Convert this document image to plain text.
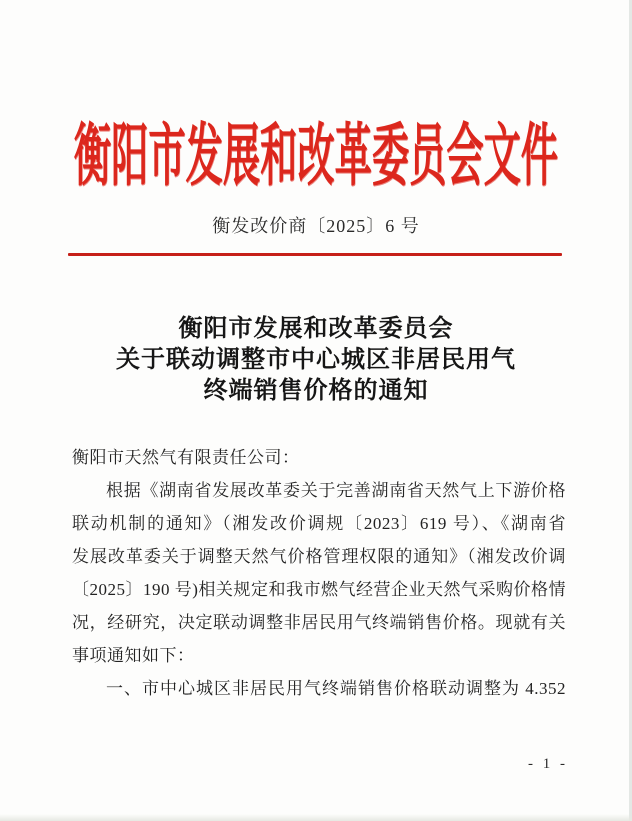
衡阳市发展和改革委员会文件
衡发改价商〔2025〕6 号
衡阳市发展和改革委员会
关于联动调整市中心城区非居民用气
终端销售价格的通知
衡阳市天然气有限责任公司：
根据《湖南省发展改革委关于完善湖南省天然气上下游价格
联动机制的通知》（湘发改价调规〔2023〕619 号）、《湖南省
发展改革委关于调整天然气价格管理权限的通知》（湘发改价调
〔2025〕190 号)相关规定和我市燃气经营企业天然气采购价格情
况，经研究，决定联动调整非居民用气终端销售价格。现就有关
事项通知如下：
一、市中心城区非居民用气终端销售价格联动调整为 4.352
- 1 -
